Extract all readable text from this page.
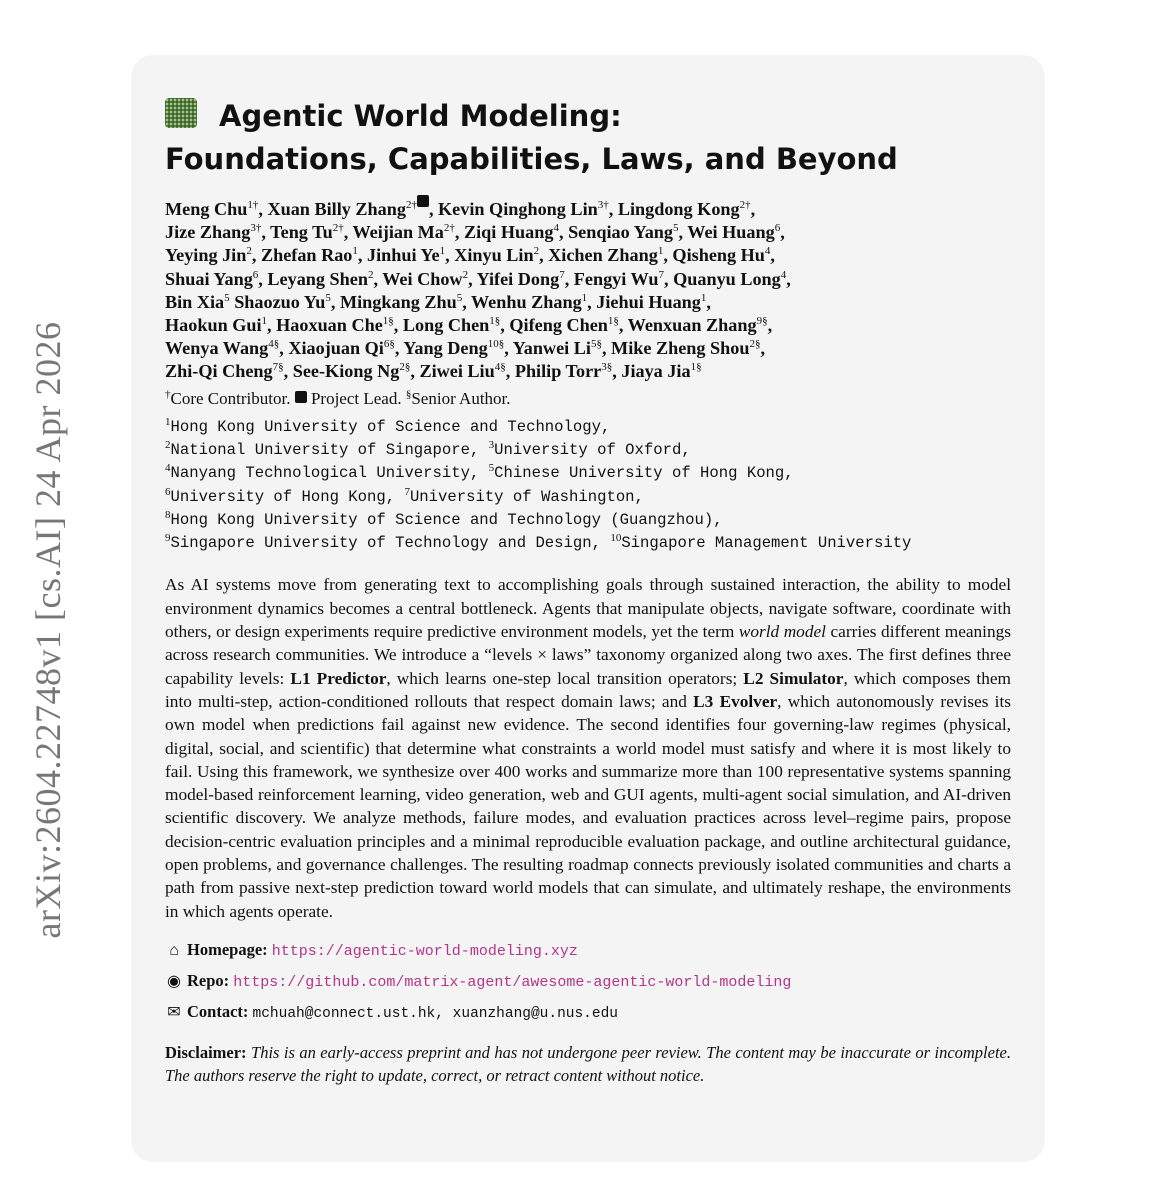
arXiv:2604.22748v1 [cs.AI] 24 Apr 2026
Agentic World Modeling:
Foundations, Capabilities, Laws, and Beyond
Meng Chu$^{1\dagger}$, Xuan Billy Zhang$^{2\dagger}$ , Kevin Qinghong Lin$^{3\dagger}$, Lingdong Kong$^{2\dagger}$,
Jize Zhang$^{3\dagger}$, Teng $Tu^{2\dagger}$, Weijian $Ma^{2\dagger}$, Ziqi Huang$^4$, Senqiao Yang$^5$, Wei Huang$^6$,
Yeying Jin$^2$, Zhefan Rao$^1$, Jinhui Ye$^1$, Xinyu Lin$^2$, Xichen Zhang$^1$, Qisheng Hu$^4$,
Shuai Yang$^6$, Leyang Shen$^2$, Wei Chow$^2$, Yifei Dong$^7$, Fengyi Wu$^7$, Quanyu Long$^4$,
Bin Xia$^5$ Shaozuo Yu$^5$, Mingkang Zhu$^5$, Wenhu Zhang$^1$, Jiehui Huang$^1$,
Haokun Gui$^1$, Haoxuan Che$^{1\S}$, Long Chen$^{1\S}$, Qifeng Chen$^{1\S}$, Wenxuan Zhang$^{9\S}$,
Wenya Wang$^{4\S}$, Xiaojuan $Qi^{6\S}$, Yang Deng$^{10\S}$, Yanwei $Li^{5\S}$, Mike Zheng Shou$^{2\S}$,
Zhi-Qi Cheng$^{7\S}$, See-Kiong $Ng^{2\S}$, Ziwei Liu$^{4\S}$, Philip Torr$^{3\S}$, Jiaya Jia$^{1\S}$
†Core Contributor. Project Lead. §Senior Author.
$^1$Hong Kong University of Science and Technology,
$^2$National University of Singapore, $^3$University of Oxford,
$^4$Nanyang Technological University, $^5$Chinese University of Hong Kong,
$^6$University of Hong Kong, $^7$University of Washington,
$^8$Hong Kong University of Science and Technology (Guangzhou),
$^9$Singapore University of Technology and Design, $^{10}$Singapore Management University
As AI systems move from generating text to accomplishing goals through sustained interaction, the ability to model environment dynamics becomes a central bottleneck. Agents that manipulate objects, navigate software, coordinate with others, or design experiments require predictive environment models, yet the term world model carries different meanings across research communities. We introduce a “levels × laws” taxonomy organized along two axes. The first defines three capability levels: L1 Predictor, which learns one-step local transition operators; L2 Simulator, which composes them into multi-step, action-conditioned rollouts that respect domain laws; and L3 Evolver, which autonomously revises its own model when predictions fail against new evidence. The second identifies four governing-law regimes (physical, digital, social, and scientific) that determine what constraints a world model must satisfy and where it is most likely to fail. Using this framework, we synthesize over 400 works and summarize more than 100 representative systems spanning model-based reinforcement learning, video generation, web and GUI agents, multi-agent social simulation, and AI-driven scientific discovery. We analyze methods, failure modes, and evaluation practices across level–regime pairs, propose decision-centric evaluation principles and a minimal reproducible evaluation package, and outline architectural guidance, open problems, and governance challenges. The resulting roadmap connects previously isolated communities and charts a path from passive next-step prediction toward world models that can simulate, and ultimately reshape, the environments in which agents operate.
⌂ Homepage: https://agentic-world-modeling.xyz
◉ Repo: https://github.com/matrix-agent/awesome-agentic-world-modeling
✉ Contact: mchuah@connect.ust.hk, xuanzhang@u.nus.edu
Disclaimer: This is an early-access preprint and has not undergone peer review. The content may be inaccurate or incomplete. The authors reserve the right to update, correct, or retract content without notice.
